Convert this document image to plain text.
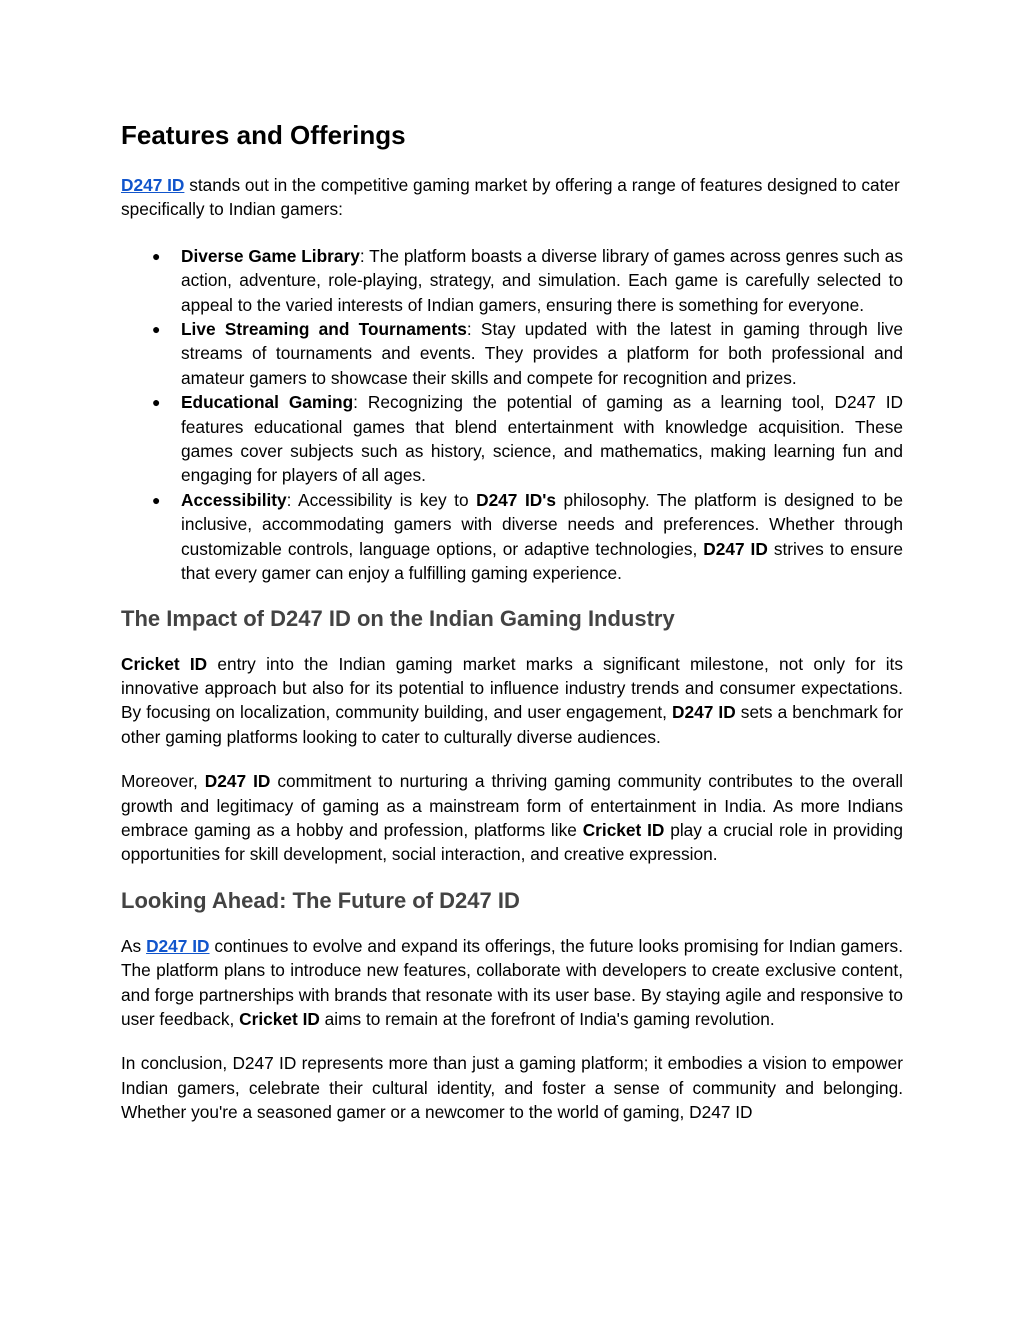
Features and Offerings

D247 ID stands out in the competitive gaming market by offering a range of features designed to cater specifically to Indian gamers:

● Diverse Game Library: The platform boasts a diverse library of games across genres such as action, adventure, role-playing, strategy, and simulation. Each game is carefully selected to appeal to the varied interests of Indian gamers, ensuring there is something for everyone.
● Live Streaming and Tournaments: Stay updated with the latest in gaming through live streams of tournaments and events. They provides a platform for both professional and amateur gamers to showcase their skills and compete for recognition and prizes.
● Educational Gaming: Recognizing the potential of gaming as a learning tool, D247 ID features educational games that blend entertainment with knowledge acquisition. These games cover subjects such as history, science, and mathematics, making learning fun and engaging for players of all ages.
● Accessibility: Accessibility is key to D247 ID's philosophy. The platform is designed to be inclusive, accommodating gamers with diverse needs and preferences. Whether through customizable controls, language options, or adaptive technologies, D247 ID strives to ensure that every gamer can enjoy a fulfilling gaming experience.
The Impact of D247 ID on the Indian Gaming Industry

Cricket ID entry into the Indian gaming market marks a significant milestone, not only for its innovative approach but also for its potential to influence industry trends and consumer expectations. By focusing on localization, community building, and user engagement, D247 ID sets a benchmark for other gaming platforms looking to cater to culturally diverse audiences.

Moreover, D247 ID commitment to nurturing a thriving gaming community contributes to the overall growth and legitimacy of gaming as a mainstream form of entertainment in India. As more Indians embrace gaming as a hobby and profession, platforms like Cricket ID play a crucial role in providing opportunities for skill development, social interaction, and creative expression.

Looking Ahead: The Future of D247 ID

As D247 ID continues to evolve and expand its offerings, the future looks promising for Indian gamers. The platform plans to introduce new features, collaborate with developers to create exclusive content, and forge partnerships with brands that resonate with its user base. By staying agile and responsive to user feedback, Cricket ID aims to remain at the forefront of India's gaming revolution.

In conclusion, D247 ID represents more than just a gaming platform; it embodies a vision to empower Indian gamers, celebrate their cultural identity, and foster a sense of community and belonging. Whether you're a seasoned gamer or a newcomer to the world of gaming, D247 ID
